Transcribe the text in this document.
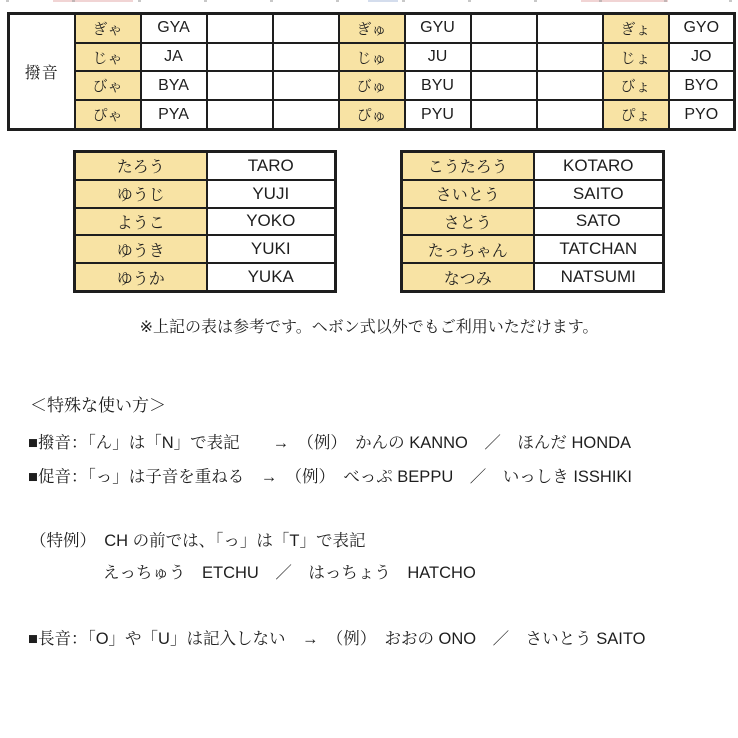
撥音	ぎゃ	GYA			ぎゅ	GYU			ぎょ	GYO
	じゃ	JA			じゅ	JU			じょ	JO
	びゃ	BYA			びゅ	BYU			びょ	BYO
	ぴゃ	PYA			ぴゅ	PYU			ぴょ	PYO
たろう	TARO
ゆうじ	YUJI
ようこ	YOKO
ゆうき	YUKI
ゆうか	YUKA
こうたろう	KOTARO
さいとう	SAITO
さとう	SATO
たっちゃん	TATCHAN
なつみ	NATSUMI
※上記の表は参考です。ヘボン式以外でもご利用いただけます。
＜特殊な使い方＞
■撥音：「ん」は「N」で表記　　→　（例）　かんの KANNO　／　ほんだ HONDA
■促音：「っ」は子音を重ねる　→　（例）　べっぷ BEPPU　／　いっしき ISSHIKI
（特例）　CH の前では、「っ」は「T」で表記
えっちゅう　ETCHU　／　はっちょう　HATCHO
■長音：「O」や「U」は記入しない　→　（例）　おおの ONO　／　さいとう SAITO
